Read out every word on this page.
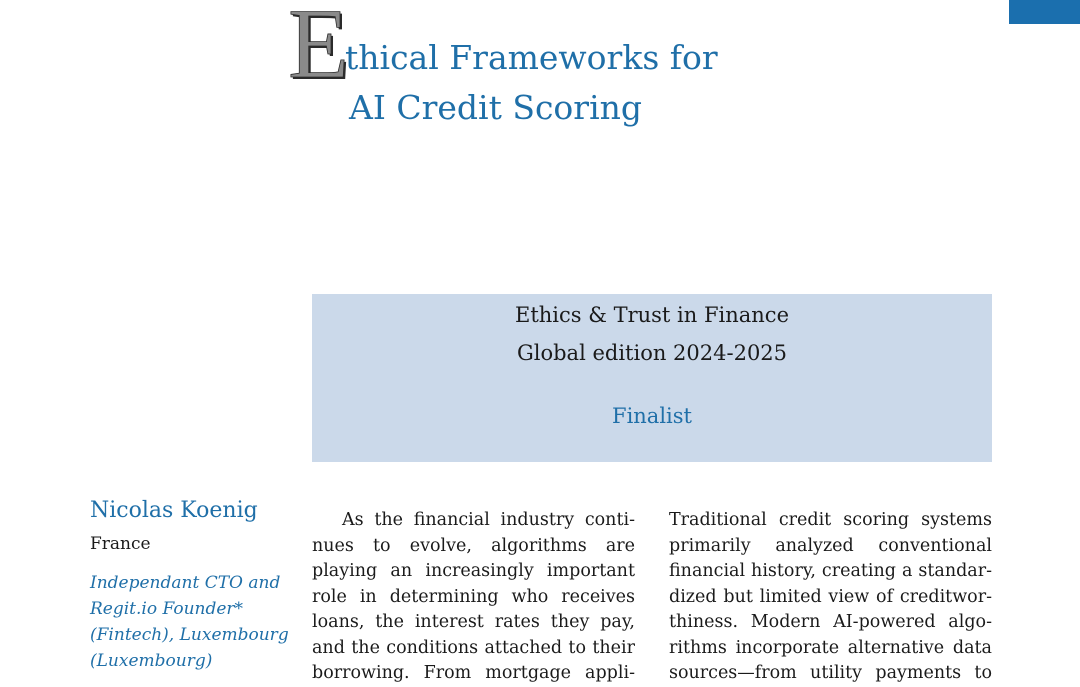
E
thical Frameworks for
AI Credit Scoring
Ethics & Trust in Finance
Global edition 2024-2025
Finalist
Nicolas Koenig
France
Independant CTO and
Regit.io Founder*
(Fintech), Luxembourg
(Luxembourg)
As the financial industry conti-
nues to evolve, algorithms are
playing an increasingly important
role in determining who receives
loans, the interest rates they pay,
and the conditions attached to their
borrowing. From mortgage appli-
Traditional credit scoring systems
primarily analyzed conventional
financial history, creating a standar-
dized but limited view of creditwor-
thiness. Modern AI-powered algo-
rithms incorporate alternative data
sources—from utility payments to
